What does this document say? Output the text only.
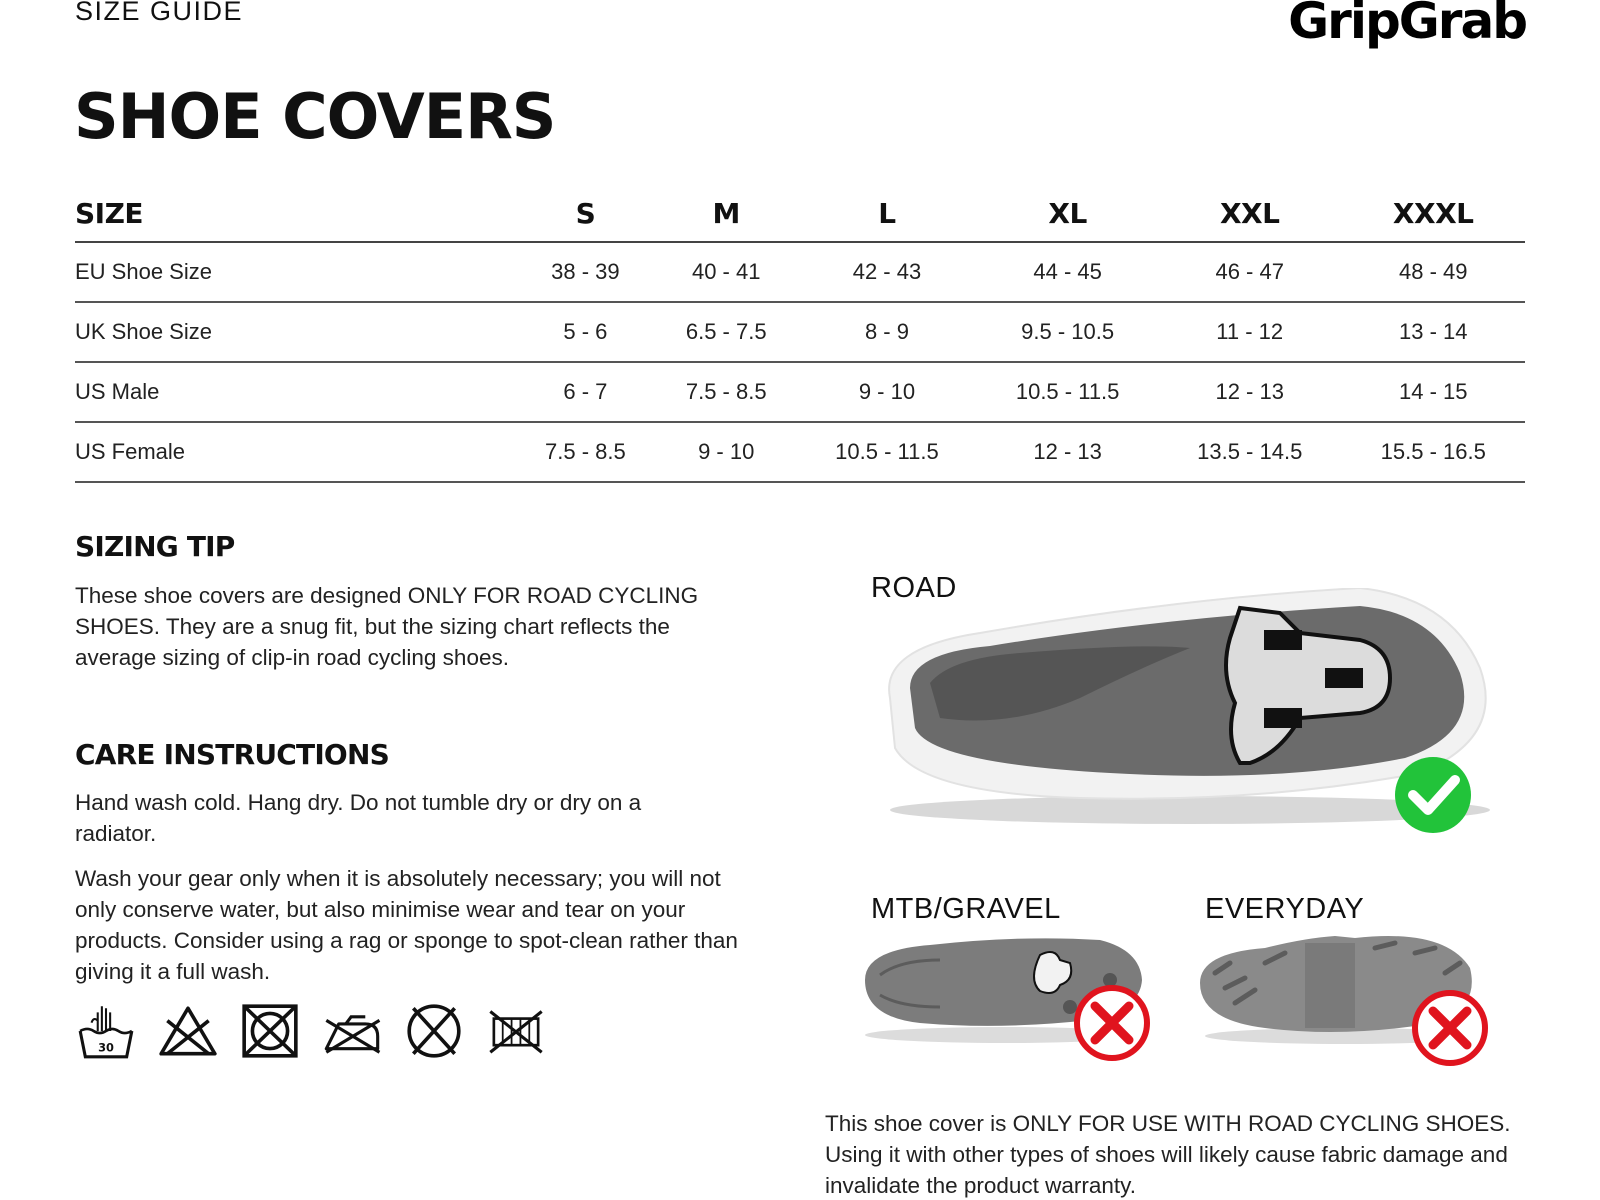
SIZE GUIDE	GripGrab
SHOE COVERS
SIZE	S	M	L	XL	XXL	XXXL
EU Shoe Size	38 - 39	40 - 41	42 - 43	44 - 45	46 - 47	48 - 49
UK Shoe Size	5 - 6	6.5 - 7.5	8 - 9	9.5 - 10.5	11 - 12	13 - 14
US Male	6 - 7	7.5 - 8.5	9 - 10	10.5 - 11.5	12 - 13	14 - 15
US Female	7.5 - 8.5	9 - 10	10.5 - 11.5	12 - 13	13.5 - 14.5	15.5 - 16.5
SIZING TIP

These shoe covers are designed ONLY FOR ROAD CYCLING SHOES. They are a snug fit, but the sizing chart reflects the average sizing of clip-in road cycling shoes.

CARE INSTRUCTIONS

Hand wash cold. Hang dry. Do not tumble dry or dry on a radiator.

Wash your gear only when it is absolutely necessary; you will not only conserve water, but also minimise wear and tear on your products. Consider using a rag or sponge to spot-clean rather than giving it a full wash.

30
ROAD
MTB/GRAVEL	EVERYDAY

This shoe cover is ONLY FOR USE WITH ROAD CYCLING SHOES. Using it with other types of shoes will likely cause fabric damage and invalidate the product warranty.
